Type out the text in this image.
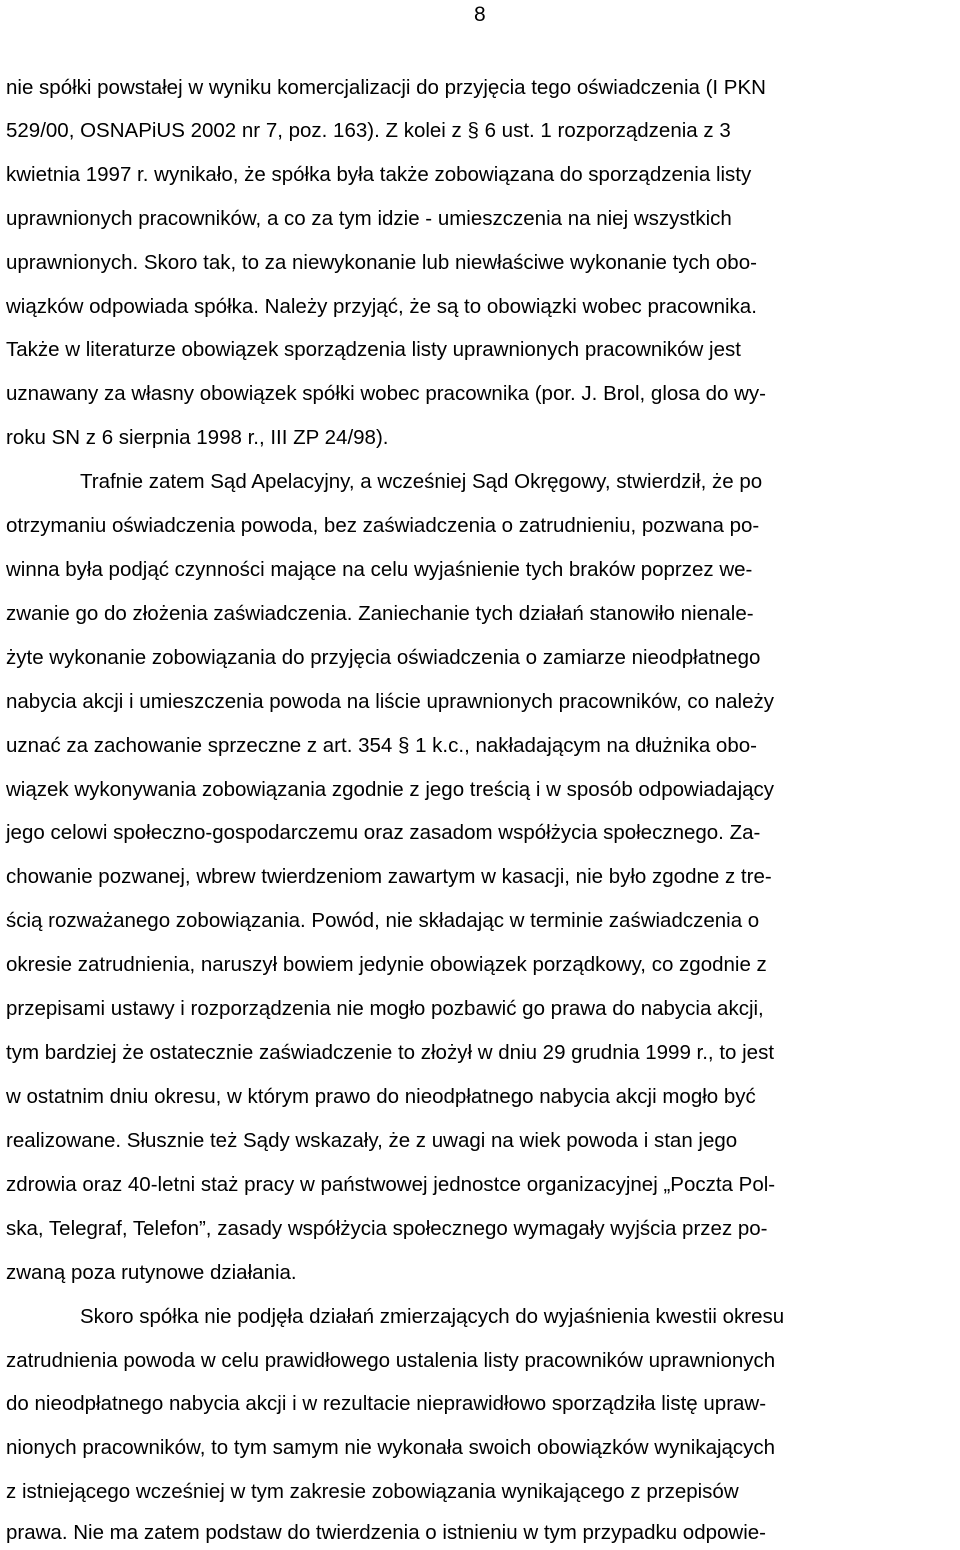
8
nie spółki powstałej w wyniku komercjalizacji do przyjęcia tego oświadczenia (I PKN
529/00, OSNAPiUS 2002 nr 7, poz. 163). Z kolei z § 6 ust. 1 rozporządzenia z 3
kwietnia 1997 r. wynikało, że spółka była także zobowiązana do sporządzenia listy
uprawnionych pracowników, a co za tym idzie - umieszczenia na niej wszystkich
uprawnionych. Skoro tak, to za niewykonanie lub niewłaściwe wykonanie tych obo-
wiązków odpowiada spółka. Należy przyjąć, że są to obowiązki wobec pracownika.
Także w literaturze obowiązek sporządzenia listy uprawnionych pracowników jest
uznawany za własny obowiązek spółki wobec pracownika (por. J. Brol, glosa do wy-
roku SN z 6 sierpnia 1998 r., III ZP 24/98).
Trafnie zatem Sąd Apelacyjny, a wcześniej Sąd Okręgowy, stwierdził, że po
otrzymaniu oświadczenia powoda, bez zaświadczenia o zatrudnieniu, pozwana po-
winna była podjąć czynności mające na celu wyjaśnienie tych braków poprzez we-
zwanie go do złożenia zaświadczenia. Zaniechanie tych działań stanowiło nienale-
żyte wykonanie zobowiązania do przyjęcia oświadczenia o zamiarze nieodpłatnego
nabycia akcji i umieszczenia powoda na liście uprawnionych pracowników, co należy
uznać za zachowanie sprzeczne z art. 354 § 1 k.c., nakładającym na dłużnika obo-
wiązek wykonywania zobowiązania zgodnie z jego treścią i w sposób odpowiadający
jego celowi społeczno-gospodarczemu oraz zasadom współżycia społecznego. Za-
chowanie pozwanej, wbrew twierdzeniom zawartym w kasacji, nie było zgodne z tre-
ścią rozważanego zobowiązania. Powód, nie składając w terminie zaświadczenia o
okresie zatrudnienia, naruszył bowiem jedynie obowiązek porządkowy, co zgodnie z
przepisami ustawy i rozporządzenia nie mogło pozbawić go prawa do nabycia akcji,
tym bardziej że ostatecznie zaświadczenie to złożył w dniu 29 grudnia 1999 r., to jest
w ostatnim dniu okresu, w którym prawo do nieodpłatnego nabycia akcji mogło być
realizowane. Słusznie też Sądy wskazały, że z uwagi na wiek powoda i stan jego
zdrowia oraz 40-letni staż pracy w państwowej jednostce organizacyjnej „Poczta Pol-
ska, Telegraf, Telefon”, zasady współżycia społecznego wymagały wyjścia przez po-
zwaną poza rutynowe działania.
Skoro spółka nie podjęła działań zmierzających do wyjaśnienia kwestii okresu
zatrudnienia powoda w celu prawidłowego ustalenia listy pracowników uprawnionych
do nieodpłatnego nabycia akcji i w rezultacie nieprawidłowo sporządziła listę upraw-
nionych pracowników, to tym samym nie wykonała swoich obowiązków wynikających
z istniejącego wcześniej w tym zakresie zobowiązania wynikającego z przepisów
prawa. Nie ma zatem podstaw do twierdzenia o istnieniu w tym przypadku odpowie-
